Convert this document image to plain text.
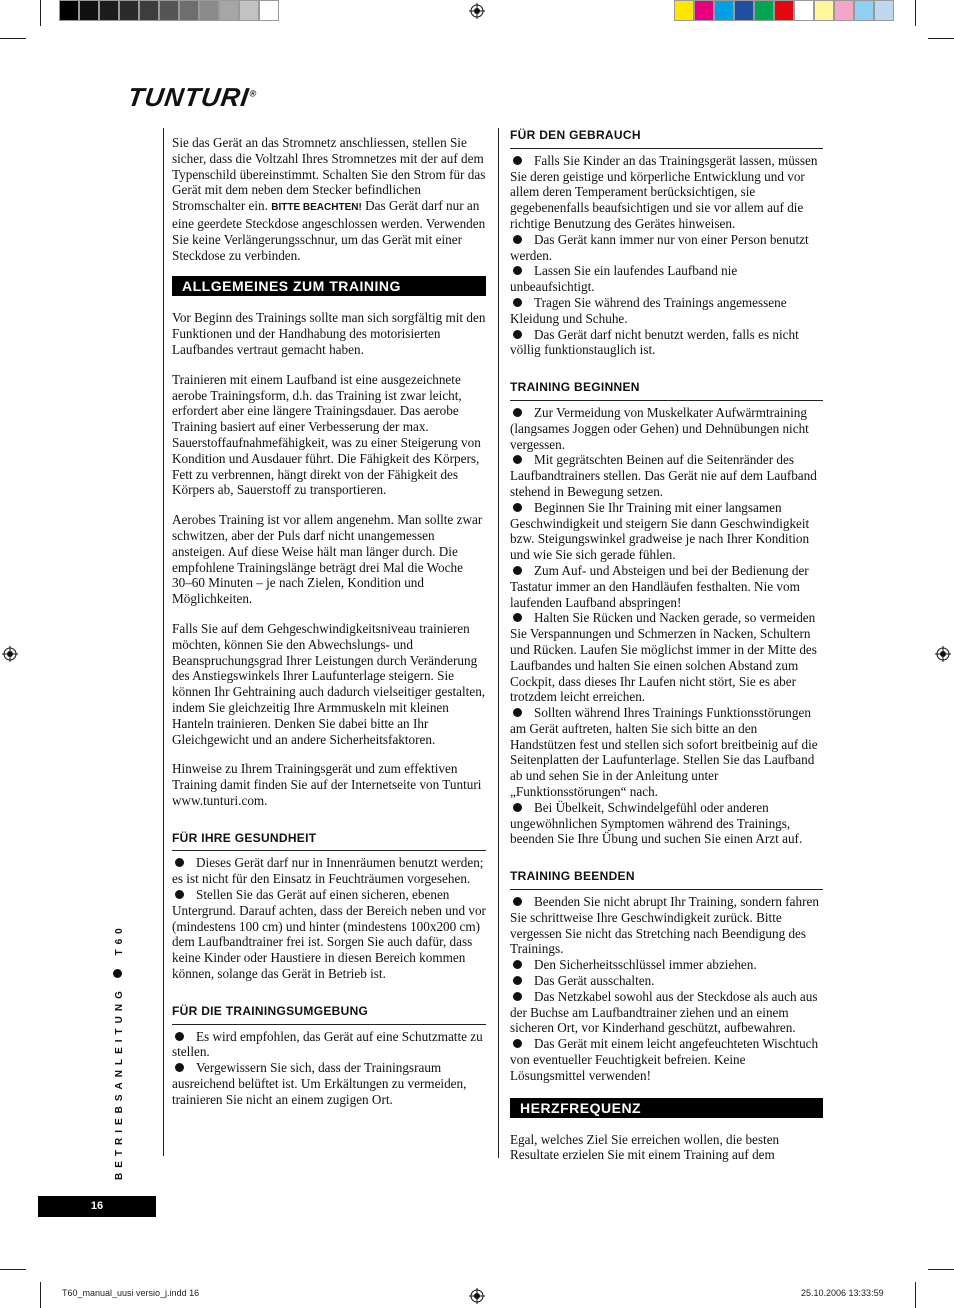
TUNTURI®

Sie das Gerät an das Stromnetz anschliessen, stellen Sie sicher, dass die Voltzahl Ihres Stromnetzes mit der auf dem Typenschild übereinstimmt. Schalten Sie den Strom für das Gerät mit dem neben dem Stecker befindlichen Stromschalter ein. BITTE BEACHTEN! Das Gerät darf nur an eine geerdete Steckdose angeschlossen werden. Verwenden Sie keine Verlängerungsschnur, um das Gerät mit einer Steckdose zu verbinden.

ALLGEMEINES ZUM TRAINING

Vor Beginn des Trainings sollte man sich sorgfältig mit den Funktionen und der Handhabung des motorisierten Laufbandes vertraut gemacht haben.

Trainieren mit einem Laufband ist eine ausgezeichnete aerobe Trainingsform, d.h. das Training ist zwar leicht, erfordert aber eine längere Trainingsdauer. Das aerobe Training basiert auf einer Verbesserung der max. Sauerstoffaufnahmefähigkeit, was zu einer Steigerung von Kondition und Ausdauer führt. Die Fähigkeit des Körpers, Fett zu verbrennen, hängt direkt von der Fähigkeit des Körpers ab, Sauerstoff zu transportieren.

Aerobes Training ist vor allem angenehm. Man sollte zwar schwitzen, aber der Puls darf nicht unangemessen ansteigen. Auf diese Weise hält man länger durch. Die empfohlene Trainingslänge beträgt drei Mal die Woche 30–60 Minuten – je nach Zielen, Kondition und Möglichkeiten.

Falls Sie auf dem Gehgeschwindigkeitsniveau trainieren möchten, können Sie den Abwechslungs- und Beanspruchungsgrad Ihrer Leistungen durch Veränderung des Anstiegswinkels Ihrer Laufunterlage steigern. Sie können Ihr Gehtraining auch dadurch vielseitiger gestalten, indem Sie gleichzeitig Ihre Armmuskeln mit kleinen Hanteln trainieren. Denken Sie dabei bitte an Ihr Gleichgewicht und an andere Sicherheitsfaktoren.

Hinweise zu Ihrem Trainingsgerät und zum effektiven Training damit finden Sie auf der Internetseite von Tunturi www.tunturi.com.

FÜR IHRE GESUNDHEIT

Dieses Gerät darf nur in Innenräumen benutzt werden; es ist nicht für den Einsatz in Feuchträumen vorgesehen.

Stellen Sie das Gerät auf einen sicheren, ebenen Untergrund. Darauf achten, dass der Bereich neben und vor (mindestens 100 cm) und hinter (mindestens 100x200 cm) dem Laufbandtrainer frei ist. Sorgen Sie auch dafür, dass keine Kinder oder Haustiere in diesen Bereich kommen können, solange das Gerät in Betrieb ist.

FÜR DIE TRAININGSUMGEBUNG

Es wird empfohlen, das Gerät auf eine Schutzmatte zu stellen.

Vergewissern Sie sich, dass der Trainingsraum ausreichend belüftet ist. Um Erkältungen zu vermeiden, trainieren Sie nicht an einem zugigen Ort.

FÜR DEN GEBRAUCH

Falls Sie Kinder an das Trainingsgerät lassen, müssen Sie deren geistige und körperliche Entwicklung und vor allem deren Temperament berücksichtigen, sie gegebenenfalls beaufsichtigen und sie vor allem auf die richtige Benutzung des Gerätes hinweisen.

Das Gerät kann immer nur von einer Person benutzt werden.

Lassen Sie ein laufendes Laufband nie unbeaufsichtigt.

Tragen Sie während des Trainings angemessene Kleidung und Schuhe.

Das Gerät darf nicht benutzt werden, falls es nicht völlig funktionstauglich ist.

TRAINING BEGINNEN

Zur Vermeidung von Muskelkater Aufwärmtraining (langsames Joggen oder Gehen) und Dehnübungen nicht vergessen.

Mit gegrätschten Beinen auf die Seitenränder des Laufbandtrainers stellen. Das Gerät nie auf dem Laufband stehend in Bewegung setzen.

Beginnen Sie Ihr Training mit einer langsamen Geschwindigkeit und steigern Sie dann Geschwindigkeit bzw. Steigungswinkel gradweise je nach Ihrer Kondition und wie Sie sich gerade fühlen.

Zum Auf- und Absteigen und bei der Bedienung der Tastatur immer an den Handläufen festhalten. Nie vom laufenden Laufband abspringen!

Halten Sie Rücken und Nacken gerade, so vermeiden Sie Verspannungen und Schmerzen in Nacken, Schultern und Rücken. Laufen Sie möglichst immer in der Mitte des Laufbandes und halten Sie einen solchen Abstand zum Cockpit, dass dieses Ihr Laufen nicht stört, Sie es aber trotzdem leicht erreichen.

Sollten während Ihres Trainings Funktionsstörungen am Gerät auftreten, halten Sie sich bitte an den Handstützen fest und stellen sich sofort breitbeinig auf die Seitenplatten der Laufunterlage. Stellen Sie das Laufband ab und sehen Sie in der Anleitung unter „Funktionsstörungen“ nach.

Bei Übelkeit, Schwindelgefühl oder anderen ungewöhnlichen Symptomen während des Trainings, beenden Sie Ihre Übung und suchen Sie einen Arzt auf.

TRAINING BEENDEN

Beenden Sie nicht abrupt Ihr Training, sondern fahren Sie schrittweise Ihre Geschwindigkeit zurück. Bitte vergessen Sie nicht das Stretching nach Beendigung des Trainings.

Den Sicherheitsschlüssel immer abziehen.

Das Gerät ausschalten.

Das Netzkabel sowohl aus der Steckdose als auch aus der Buchse am Laufbandtrainer ziehen und an einem sicheren Ort, vor Kinderhand geschützt, aufbewahren.

Das Gerät mit einem leicht angefeuchteten Wischtuch von eventueller Feuchtigkeit befreien. Keine Lösungsmittel verwenden!

HERZFREQUENZ

Egal, welches Ziel Sie erreichen wollen, die besten Resultate erzielen Sie mit einem Training auf dem

BETRIEBSANLEITUNG  T60
16
T60_manual_uusi versio_j.indd 16	25.10.2006 13:33:59
